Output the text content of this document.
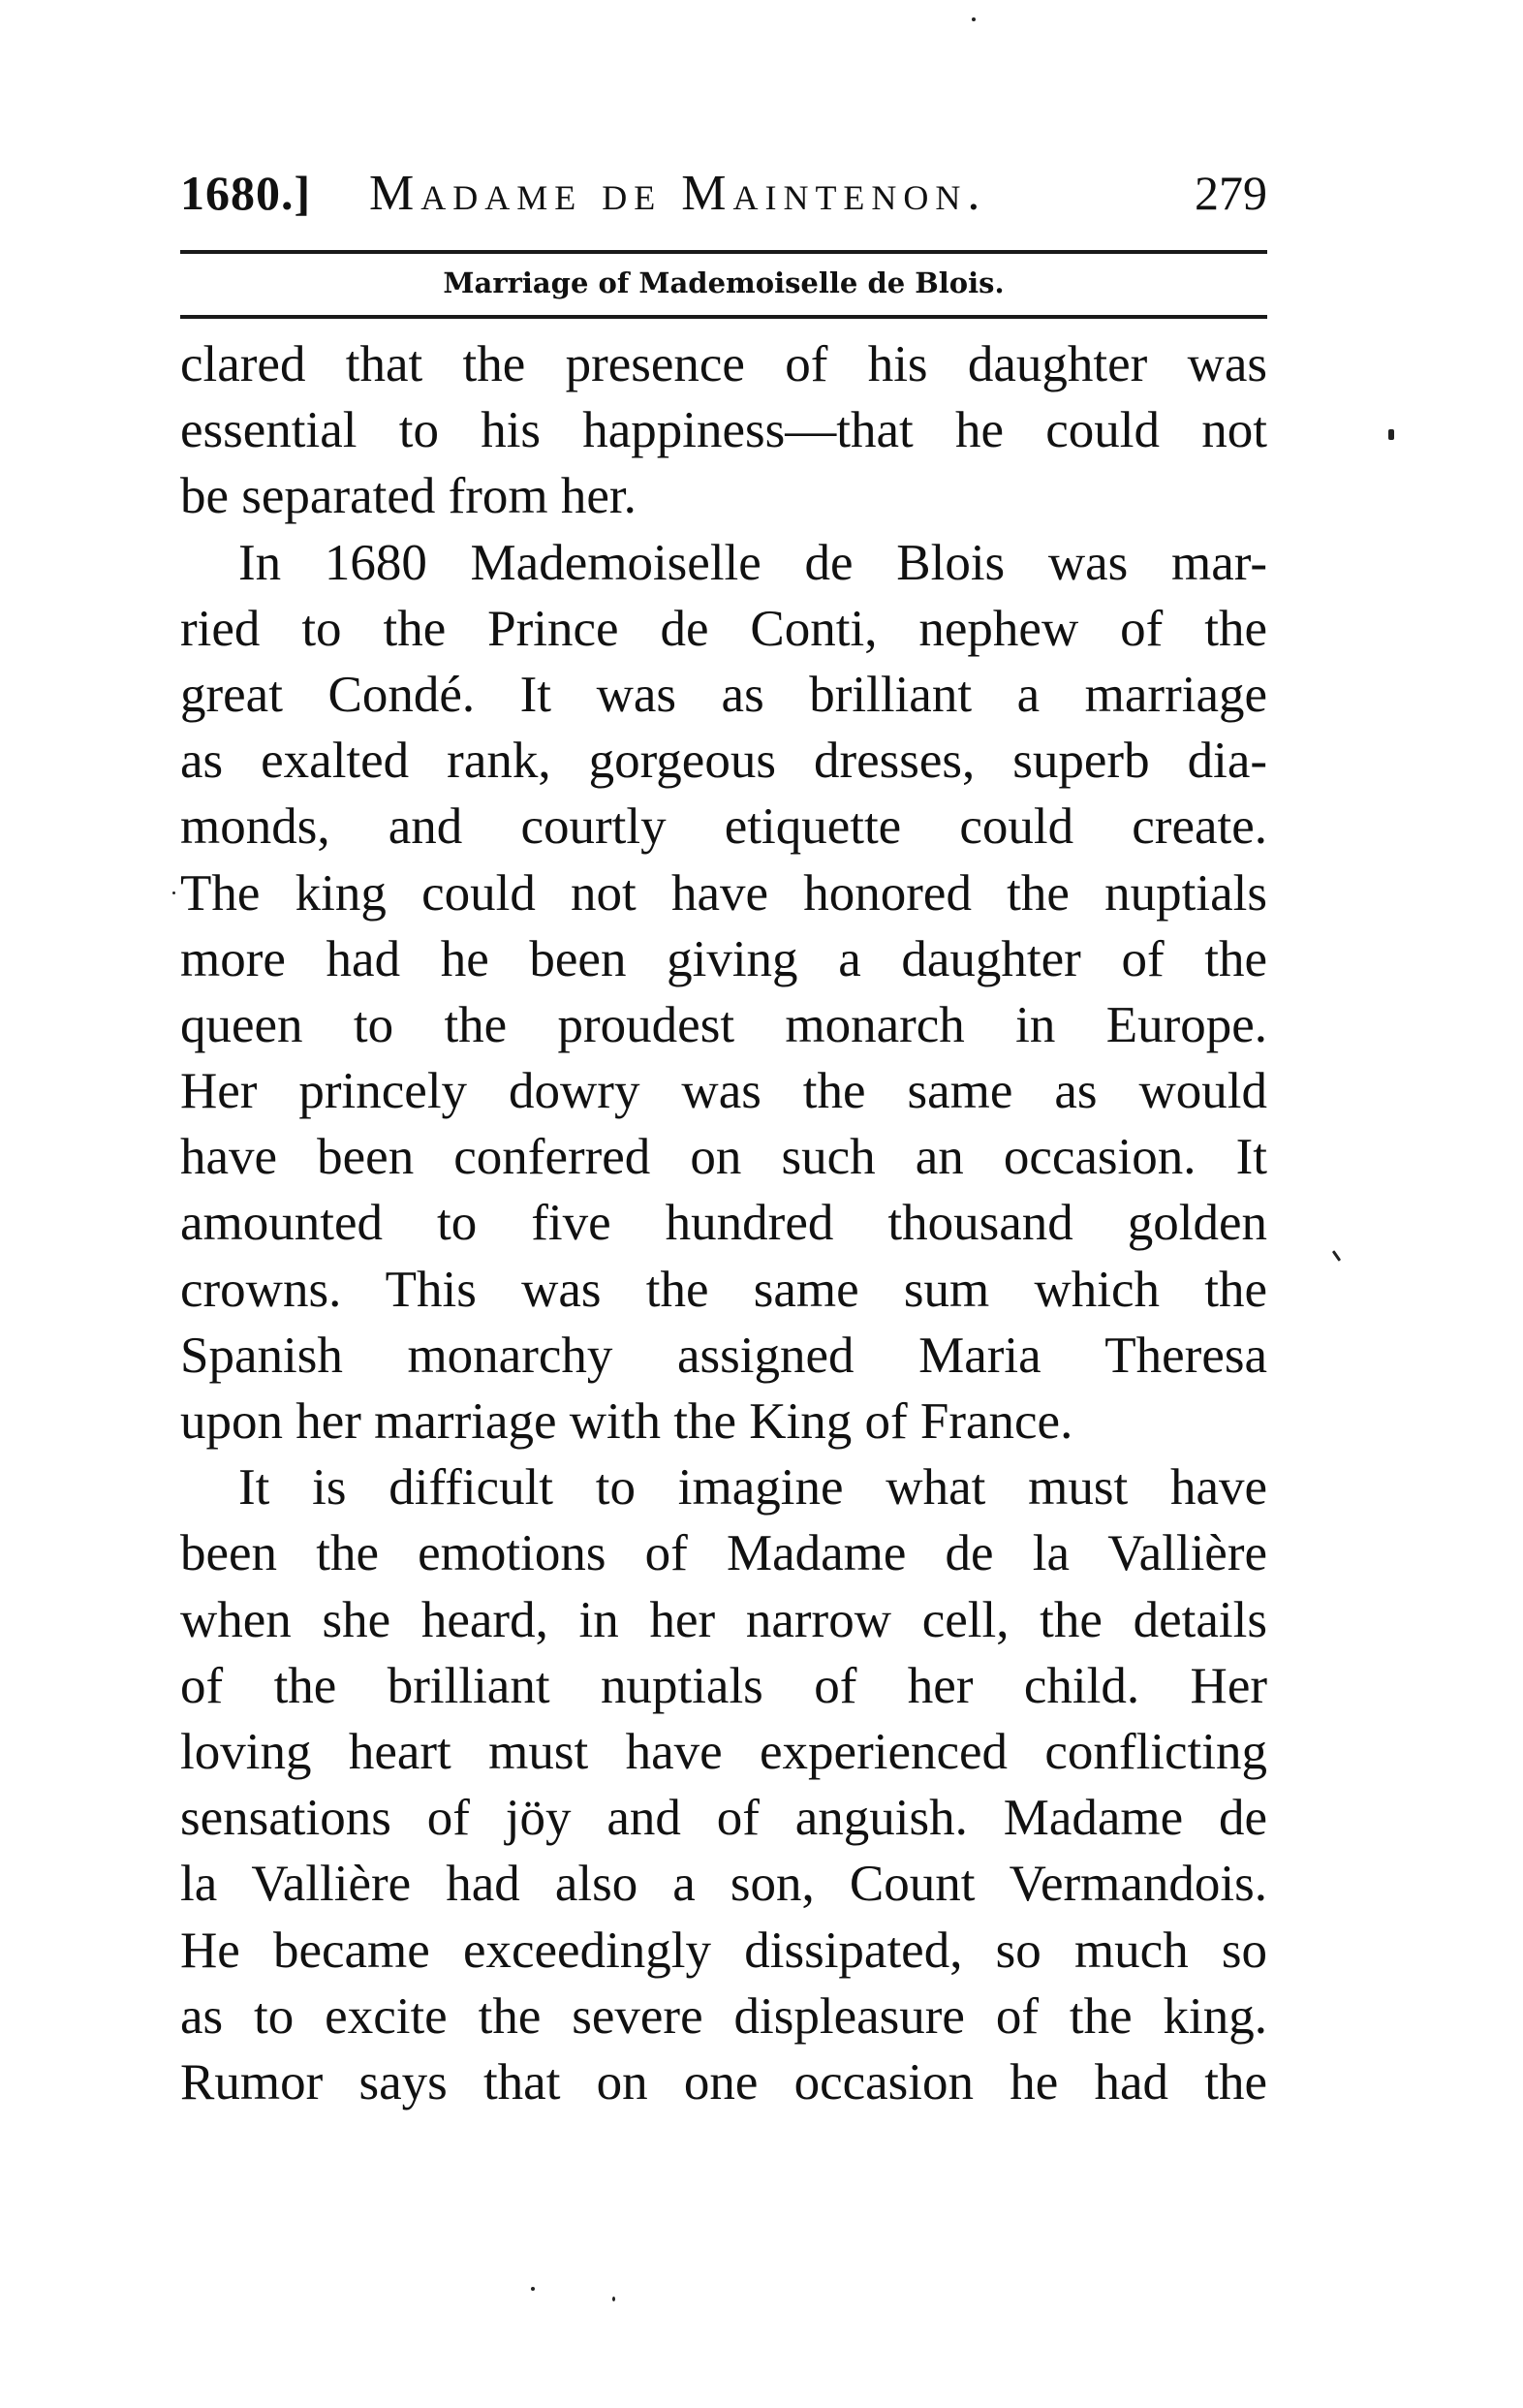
1680.] Madame de Maintenon.	279
Marriage of Mademoiselle de Blois.
clared that the presence of his daughter was
essential to his happiness—that he could not
be separated from her.
In 1680 Mademoiselle de Blois was mar-
ried to the Prince de Conti, nephew of the
great Condé. It was as brilliant a marriage
as exalted rank, gorgeous dresses, superb dia-
monds, and courtly etiquette could create.
The king could not have honored the nuptials
more had he been giving a daughter of the
queen to the proudest monarch in Europe.
Her princely dowry was the same as would
have been conferred on such an occasion. It
amounted to five hundred thousand golden
crowns. This was the same sum which the
Spanish monarchy assigned Maria Theresa
upon her marriage with the King of France.
It is difficult to imagine what must have
been the emotions of Madame de la Vallière
when she heard, in her narrow cell, the details
of the brilliant nuptials of her child. Her
loving heart must have experienced conflicting
sensations of jöy and of anguish. Madame de
la Vallière had also a son, Count Vermandois.
He became exceedingly dissipated, so much so
as to excite the severe displeasure of the king.
Rumor says that on one occasion he had the
